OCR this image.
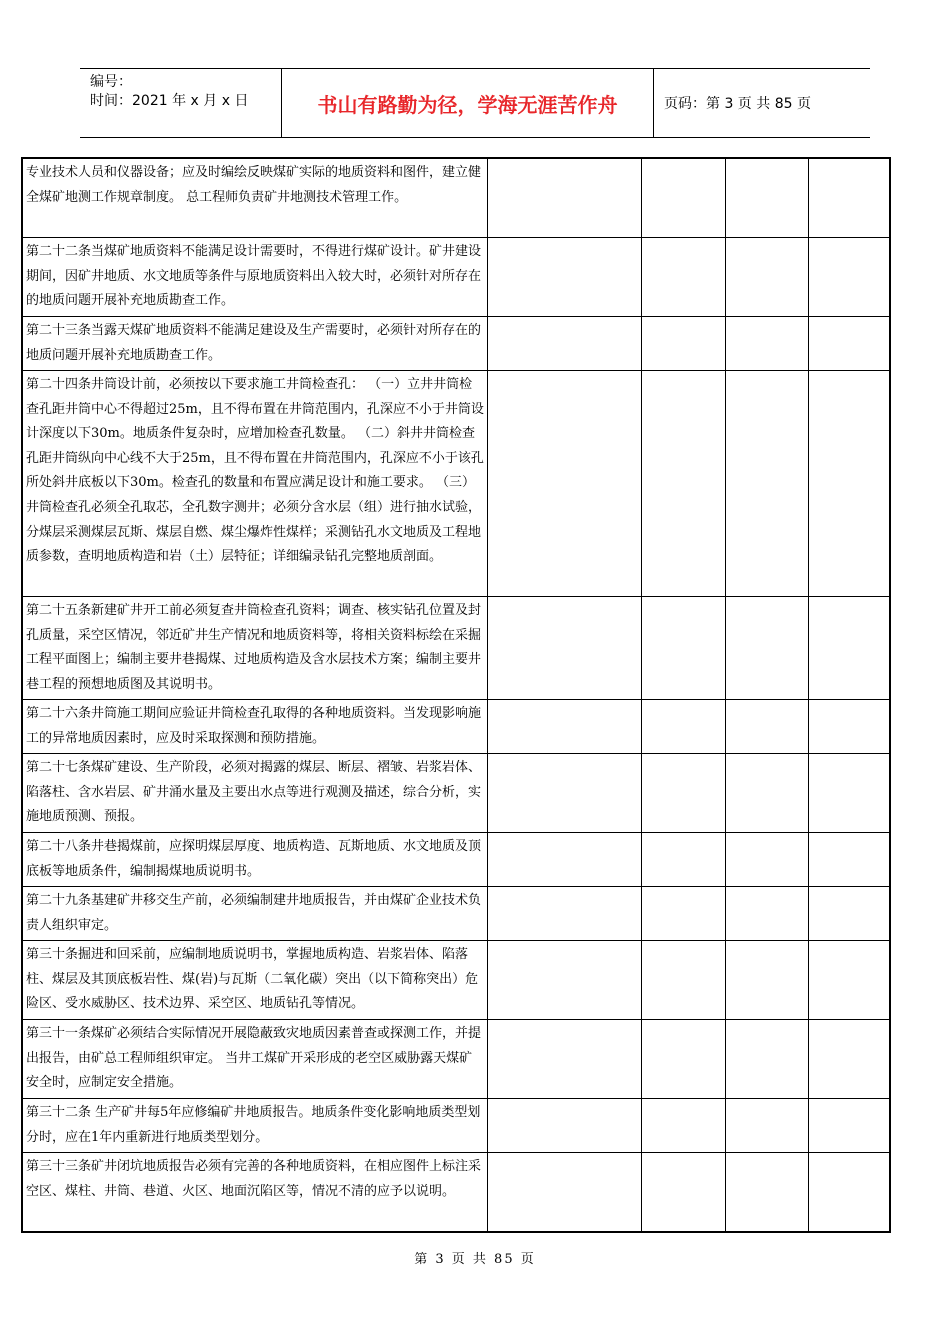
编号：
时间：2021 年 x 月 x 日	书山有路勤为径，学海无涯苦作舟	页码：第 3 页 共 85 页
专业技术人员和仪器设备；应及时编绘反映煤矿实际的地质资料和图件，建立健全煤矿地测工作规章制度。 总工程师负责矿井地测技术管理工作。
第二十二条当煤矿地质资料不能满足设计需要时，不得进行煤矿设计。矿井建设期间，因矿井地质、水文地质等条件与原地质资料出入较大时，必须针对所存在的地质问题开展补充地质勘查工作。
第二十三条当露天煤矿地质资料不能满足建设及生产需要时，必须针对所存在的地质问题开展补充地质勘查工作。
第二十四条井筒设计前，必须按以下要求施工井筒检查孔： （一）立井井筒检查孔距井筒中心不得超过25m，且不得布置在井筒范围内，孔深应不小于井筒设计深度以下30m。地质条件复杂时，应增加检查孔数量。 （二）斜井井筒检查孔距井筒纵向中心线不大于25m，且不得布置在井筒范围内，孔深应不小于该孔所处斜井底板以下30m。检查孔的数量和布置应满足设计和施工要求。 （三）井筒检查孔必须全孔取芯，全孔数字测井；必须分含水层（组）进行抽水试验，分煤层采测煤层瓦斯、煤层自燃、煤尘爆炸性煤样；采测钻孔水文地质及工程地质参数，查明地质构造和岩（土）层特征；详细编录钻孔完整地质剖面。
第二十五条新建矿井开工前必须复查井筒检查孔资料；调查、核实钻孔位置及封孔质量，采空区情况，邻近矿井生产情况和地质资料等，将相关资料标绘在采掘工程平面图上；编制主要井巷揭煤、过地质构造及含水层技术方案；编制主要井巷工程的预想地质图及其说明书。
第二十六条井筒施工期间应验证井筒检查孔取得的各种地质资料。当发现影响施工的异常地质因素时，应及时采取探测和预防措施。
第二十七条煤矿建设、生产阶段，必须对揭露的煤层、断层、褶皱、岩浆岩体、陷落柱、含水岩层、矿井涌水量及主要出水点等进行观测及描述，综合分析，实施地质预测、预报。
第二十八条井巷揭煤前，应探明煤层厚度、地质构造、瓦斯地质、水文地质及顶底板等地质条件，编制揭煤地质说明书。
第二十九条基建矿井移交生产前，必须编制建井地质报告，并由煤矿企业技术负责人组织审定。
第三十条掘进和回采前，应编制地质说明书，掌握地质构造、岩浆岩体、陷落柱、煤层及其顶底板岩性、煤(岩)与瓦斯（二氧化碳）突出（以下简称突出）危险区、受水威胁区、技术边界、采空区、地质钻孔等情况。
第三十一条煤矿必须结合实际情况开展隐蔽致灾地质因素普查或探测工作，并提出报告，由矿总工程师组织审定。 当井工煤矿开采形成的老空区威胁露天煤矿安全时，应制定安全措施。
第三十二条 生产矿井每5年应修编矿井地质报告。地质条件变化影响地质类型划分时，应在1年内重新进行地质类型划分。
第三十三条矿井闭坑地质报告必须有完善的各种地质资料，在相应图件上标注采空区、煤柱、井筒、巷道、火区、地面沉陷区等，情况不清的应予以说明。
第 3 页 共 85 页
